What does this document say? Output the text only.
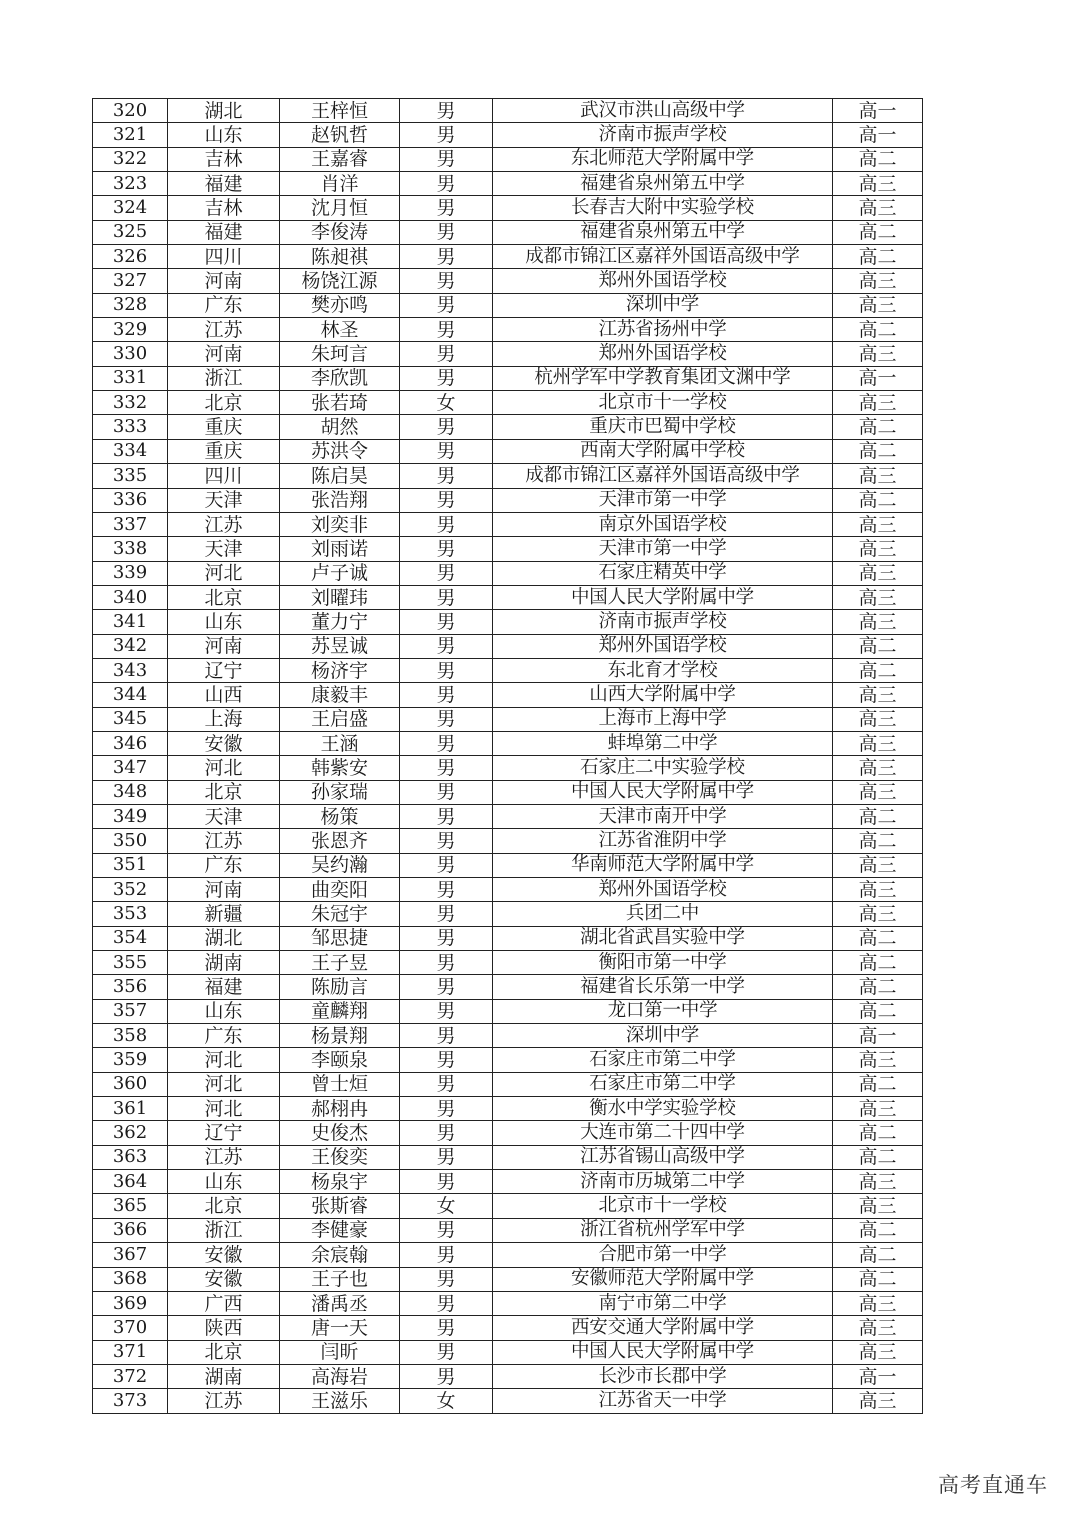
320	湖北	王梓恒	男	武汉市洪山高级中学	高一
321	山东	赵钒哲	男	济南市振声学校	高一
322	吉林	王嘉睿	男	东北师范大学附属中学	高二
323	福建	肖洋	男	福建省泉州第五中学	高三
324	吉林	沈月恒	男	长春吉大附中实验学校	高三
325	福建	李俊涛	男	福建省泉州第五中学	高二
326	四川	陈昶祺	男	成都市锦江区嘉祥外国语高级中学	高二
327	河南	杨饶江源	男	郑州外国语学校	高三
328	广东	樊亦鸣	男	深圳中学	高三
329	江苏	林圣	男	江苏省扬州中学	高二
330	河南	朱珂言	男	郑州外国语学校	高三
331	浙江	李欣凯	男	杭州学军中学教育集团文渊中学	高一
332	北京	张若琦	女	北京市十一学校	高三
333	重庆	胡然	男	重庆市巴蜀中学校	高二
334	重庆	苏洪令	男	西南大学附属中学校	高二
335	四川	陈启昊	男	成都市锦江区嘉祥外国语高级中学	高三
336	天津	张浩翔	男	天津市第一中学	高二
337	江苏	刘奕非	男	南京外国语学校	高三
338	天津	刘雨诺	男	天津市第一中学	高三
339	河北	卢子诚	男	石家庄精英中学	高三
340	北京	刘曜玮	男	中国人民大学附属中学	高三
341	山东	董力宁	男	济南市振声学校	高三
342	河南	苏昱诚	男	郑州外国语学校	高二
343	辽宁	杨济宇	男	东北育才学校	高二
344	山西	康毅丰	男	山西大学附属中学	高三
345	上海	王启盛	男	上海市上海中学	高三
346	安徽	王涵	男	蚌埠第二中学	高三
347	河北	韩紫安	男	石家庄二中实验学校	高三
348	北京	孙家瑞	男	中国人民大学附属中学	高三
349	天津	杨策	男	天津市南开中学	高二
350	江苏	张恩齐	男	江苏省淮阴中学	高二
351	广东	吴约瀚	男	华南师范大学附属中学	高三
352	河南	曲奕阳	男	郑州外国语学校	高三
353	新疆	朱冠宇	男	兵团二中	高三
354	湖北	邹思捷	男	湖北省武昌实验中学	高二
355	湖南	王子昱	男	衡阳市第一中学	高二
356	福建	陈励言	男	福建省长乐第一中学	高二
357	山东	童麟翔	男	龙口第一中学	高二
358	广东	杨景翔	男	深圳中学	高一
359	河北	李颐泉	男	石家庄市第二中学	高三
360	河北	曾士烜	男	石家庄市第二中学	高二
361	河北	郝栩冉	男	衡水中学实验学校	高三
362	辽宁	史俊杰	男	大连市第二十四中学	高二
363	江苏	王俊奕	男	江苏省锡山高级中学	高二
364	山东	杨泉宇	男	济南市历城第二中学	高三
365	北京	张斯睿	女	北京市十一学校	高三
366	浙江	李健豪	男	浙江省杭州学军中学	高二
367	安徽	余宸翰	男	合肥市第一中学	高二
368	安徽	王子也	男	安徽师范大学附属中学	高二
369	广西	潘禹丞	男	南宁市第二中学	高三
370	陕西	唐一天	男	西安交通大学附属中学	高三
371	北京	闫昕	男	中国人民大学附属中学	高三
372	湖南	高海岩	男	长沙市长郡中学	高一
373	江苏	王滋乐	女	江苏省天一中学	高三
高考直通车
